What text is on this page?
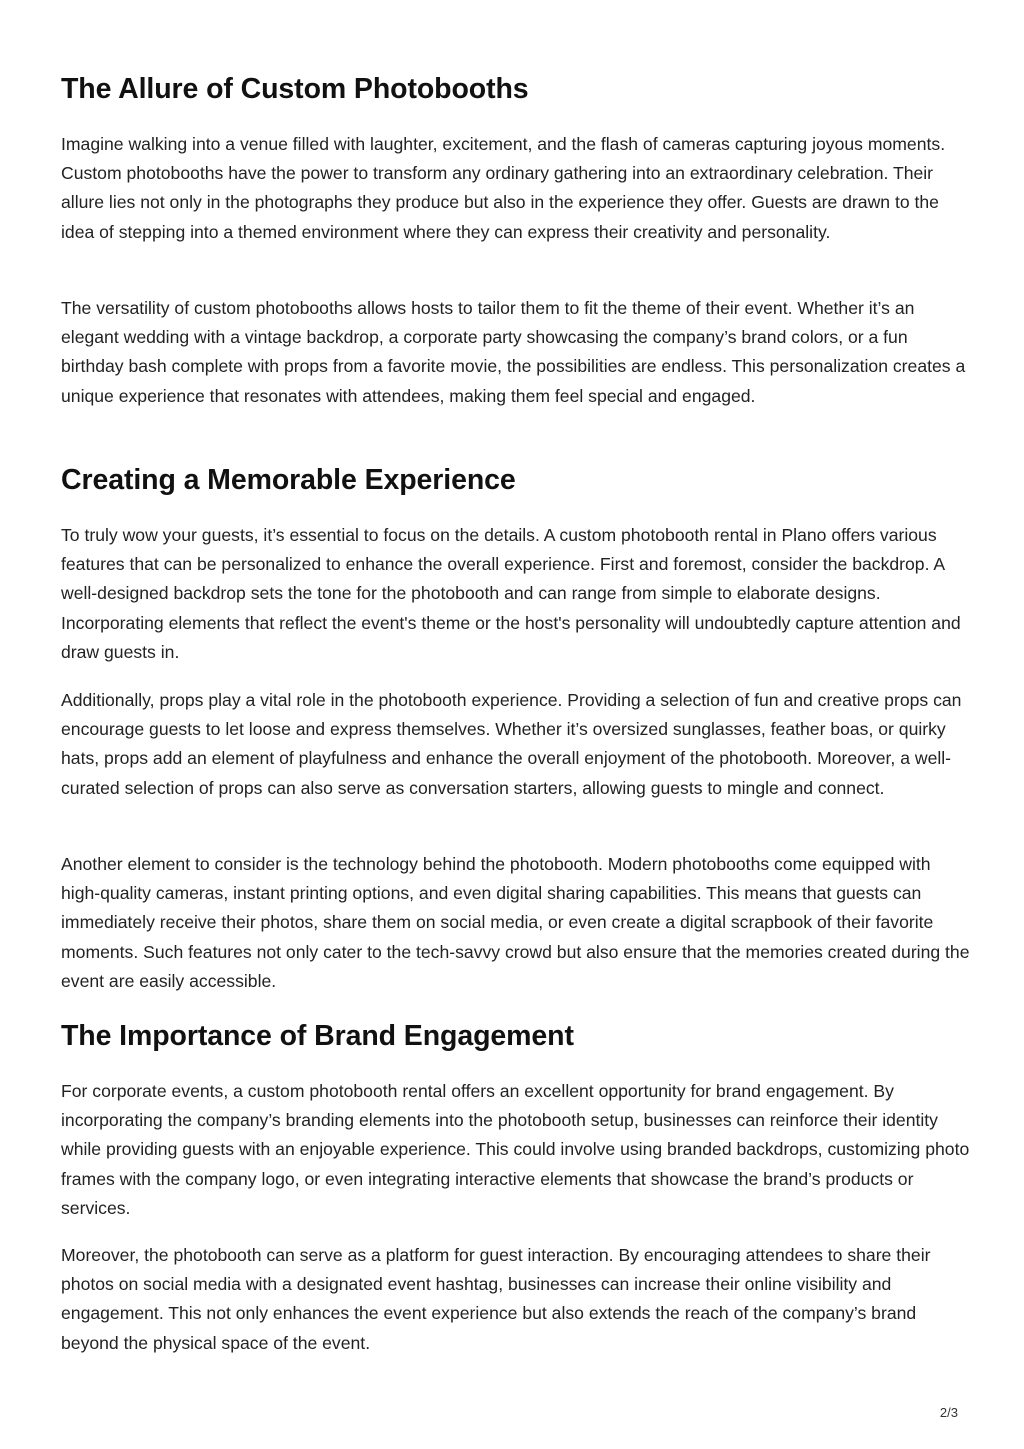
The Allure of Custom Photobooths

Imagine walking into a venue filled with laughter, excitement, and the flash of cameras capturing joyous moments. Custom photobooths have the power to transform any ordinary gathering into an extraordinary celebration. Their allure lies not only in the photographs they produce but also in the experience they offer. Guests are drawn to the idea of stepping into a themed environment where they can express their creativity and personality.

The versatility of custom photobooths allows hosts to tailor them to fit the theme of their event. Whether it’s an elegant wedding with a vintage backdrop, a corporate party showcasing the company’s brand colors, or a fun birthday bash complete with props from a favorite movie, the possibilities are endless. This personalization creates a unique experience that resonates with attendees, making them feel special and engaged.

Creating a Memorable Experience

To truly wow your guests, it’s essential to focus on the details. A custom photobooth rental in Plano offers various features that can be personalized to enhance the overall experience. First and foremost, consider the backdrop. A well-designed backdrop sets the tone for the photobooth and can range from simple to elaborate designs. Incorporating elements that reflect the event's theme or the host's personality will undoubtedly capture attention and draw guests in.

Additionally, props play a vital role in the photobooth experience. Providing a selection of fun and creative props can encourage guests to let loose and express themselves. Whether it’s oversized sunglasses, feather boas, or quirky hats, props add an element of playfulness and enhance the overall enjoyment of the photobooth. Moreover, a well-curated selection of props can also serve as conversation starters, allowing guests to mingle and connect.

Another element to consider is the technology behind the photobooth. Modern photobooths come equipped with high-quality cameras, instant printing options, and even digital sharing capabilities. This means that guests can immediately receive their photos, share them on social media, or even create a digital scrapbook of their favorite moments. Such features not only cater to the tech-savvy crowd but also ensure that the memories created during the event are easily accessible.

The Importance of Brand Engagement

For corporate events, a custom photobooth rental offers an excellent opportunity for brand engagement. By incorporating the company’s branding elements into the photobooth setup, businesses can reinforce their identity while providing guests with an enjoyable experience. This could involve using branded backdrops, customizing photo frames with the company logo, or even integrating interactive elements that showcase the brand’s products or services.

Moreover, the photobooth can serve as a platform for guest interaction. By encouraging attendees to share their photos on social media with a designated event hashtag, businesses can increase their online visibility and engagement. This not only enhances the event experience but also extends the reach of the company’s brand beyond the physical space of the event.

2/3
